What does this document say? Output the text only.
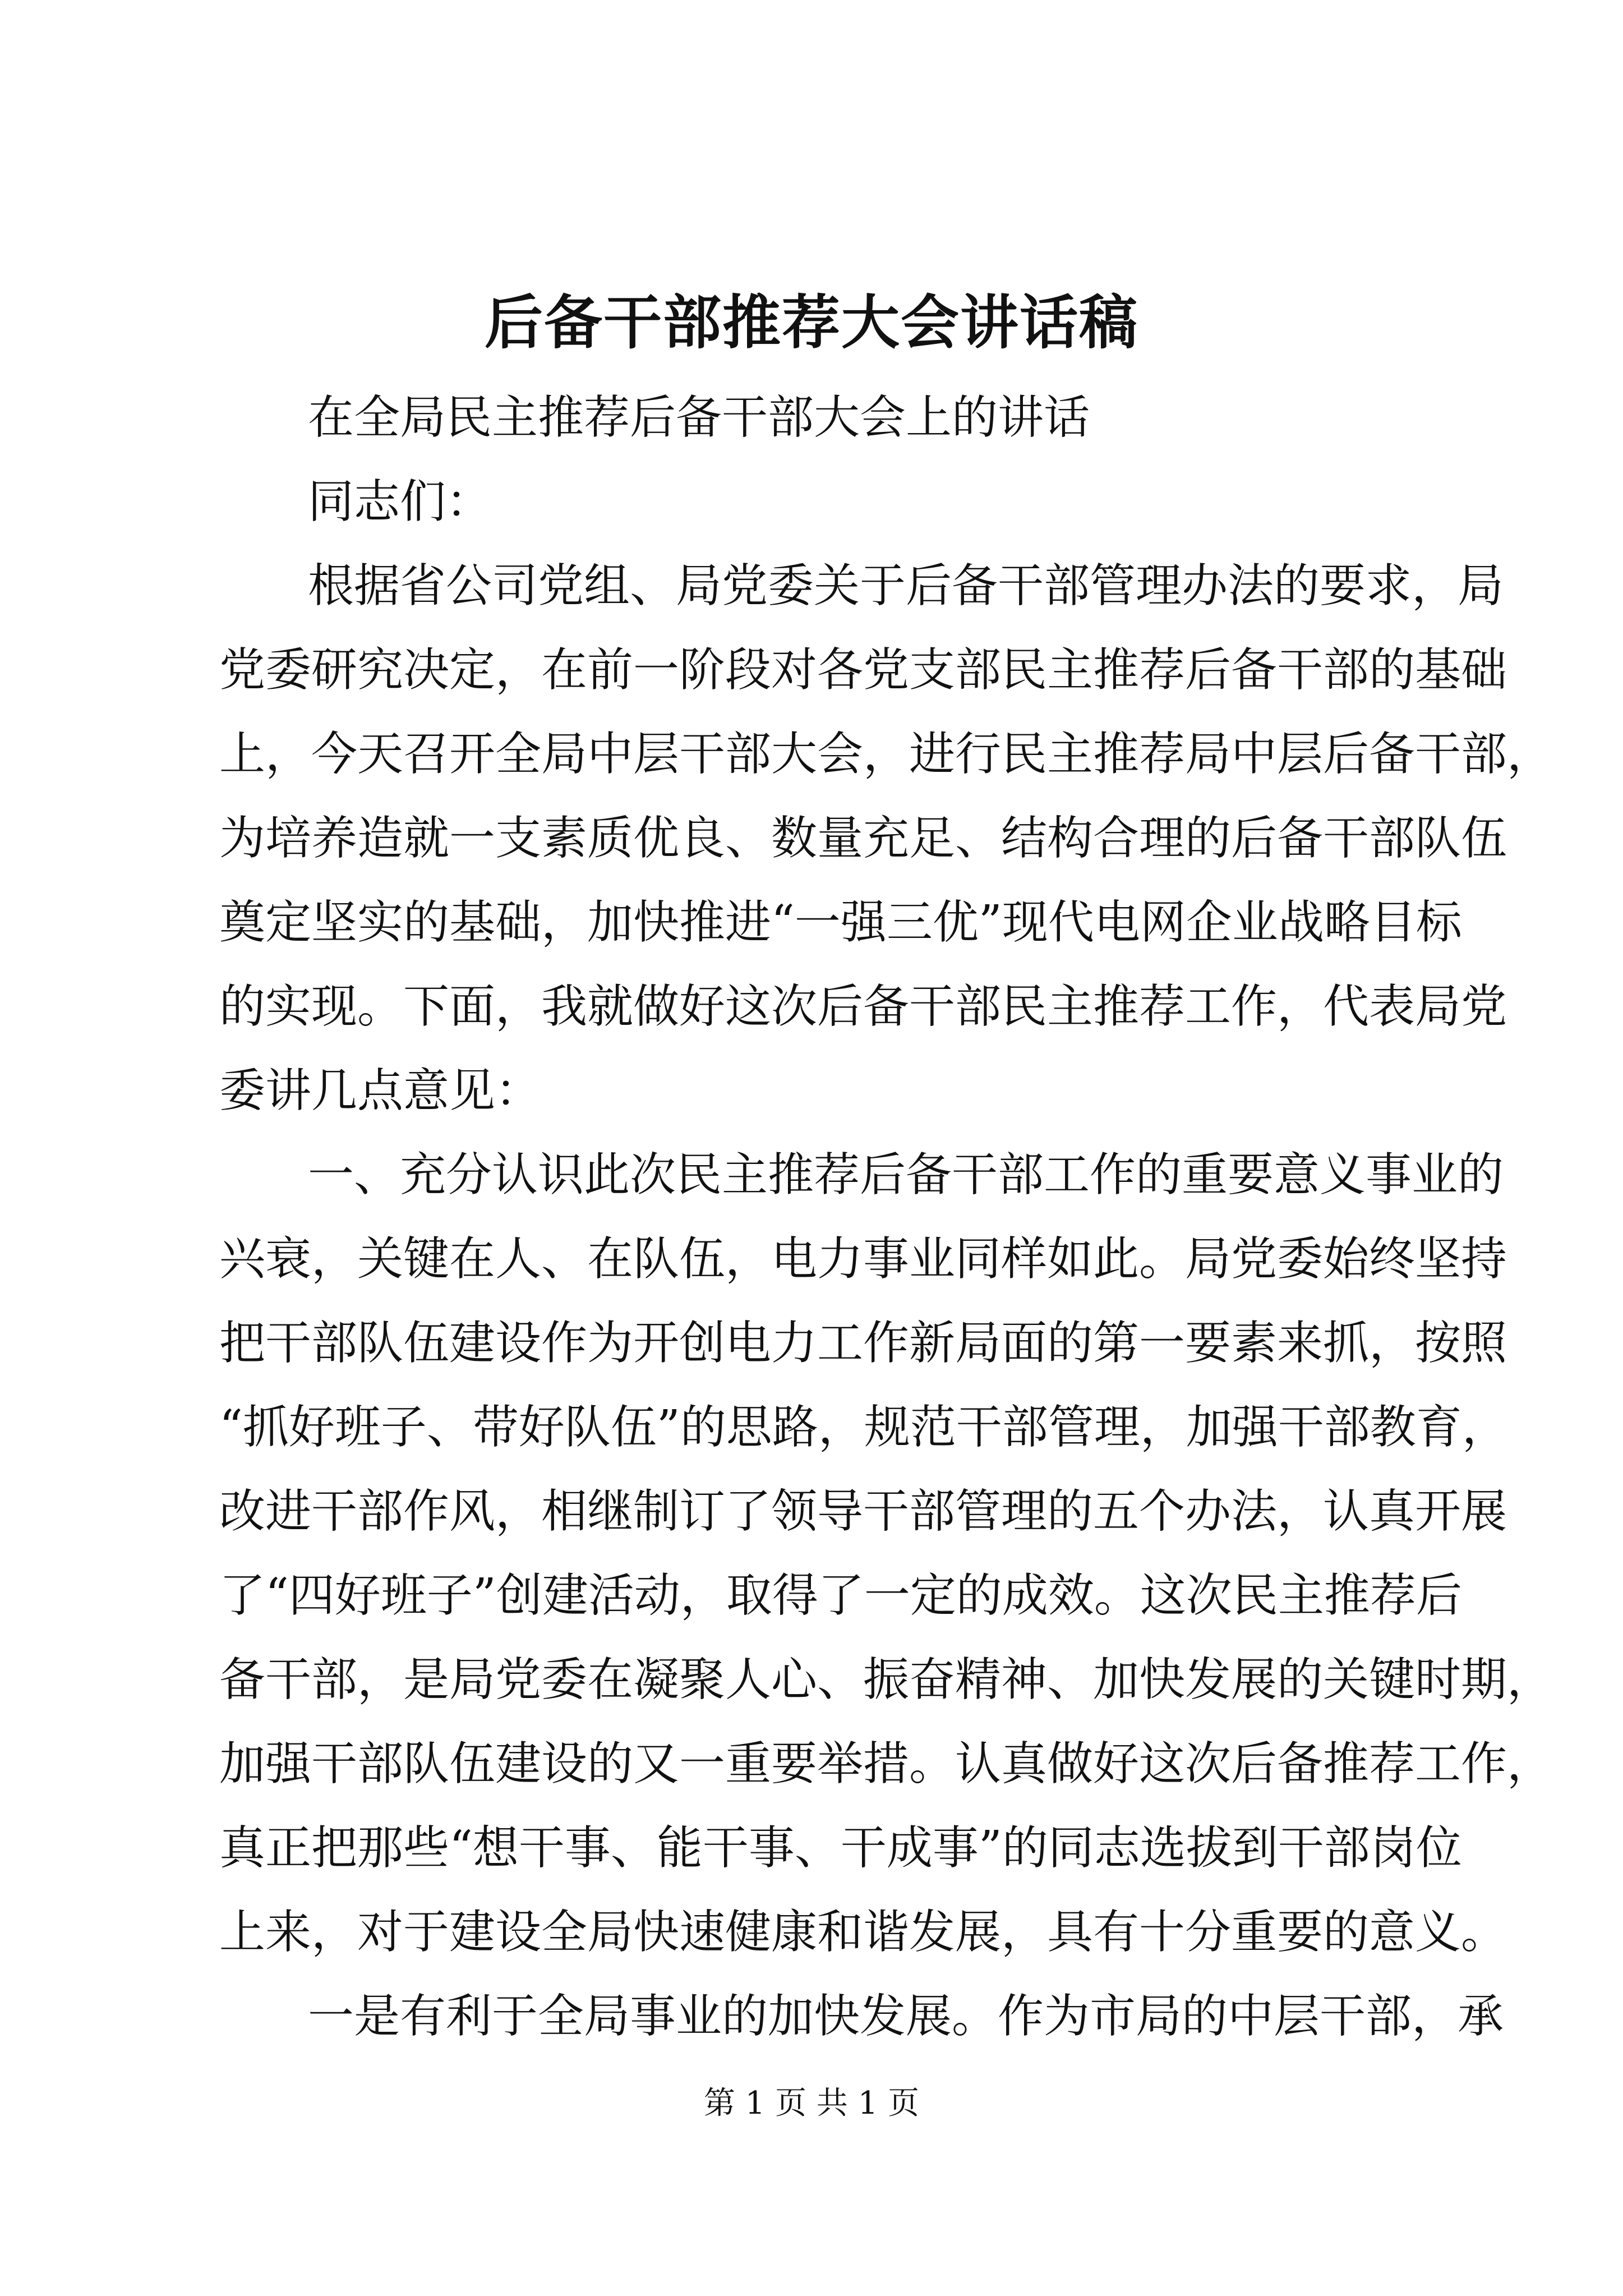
后备干部推荐大会讲话稿
在全局民主推荐后备干部大会上的讲话
同志们：
根据省公司党组、局党委关于后备干部管理办法的要求，局
党委研究决定，在前一阶段对各党支部民主推荐后备干部的基础
上，今天召开全局中层干部大会，进行民主推荐局中层后备干部，
为培养造就一支素质优良、数量充足、结构合理的后备干部队伍
奠定坚实的基础，加快推进“一强三优”现代电网企业战略目标
的实现。下面，我就做好这次后备干部民主推荐工作，代表局党
委讲几点意见：
一、充分认识此次民主推荐后备干部工作的重要意义事业的
兴衰，关键在人、在队伍，电力事业同样如此。局党委始终坚持
把干部队伍建设作为开创电力工作新局面的第一要素来抓，按照
“抓好班子、带好队伍”的思路，规范干部管理，加强干部教育，
改进干部作风，相继制订了领导干部管理的五个办法，认真开展
了“四好班子”创建活动，取得了一定的成效。这次民主推荐后
备干部，是局党委在凝聚人心、振奋精神、加快发展的关键时期，
加强干部队伍建设的又一重要举措。认真做好这次后备推荐工作，
真正把那些“想干事、能干事、干成事”的同志选拔到干部岗位
上来，对于建设全局快速健康和谐发展，具有十分重要的意义。
一是有利于全局事业的加快发展。作为市局的中层干部，承
第 1 页 共 1 页
